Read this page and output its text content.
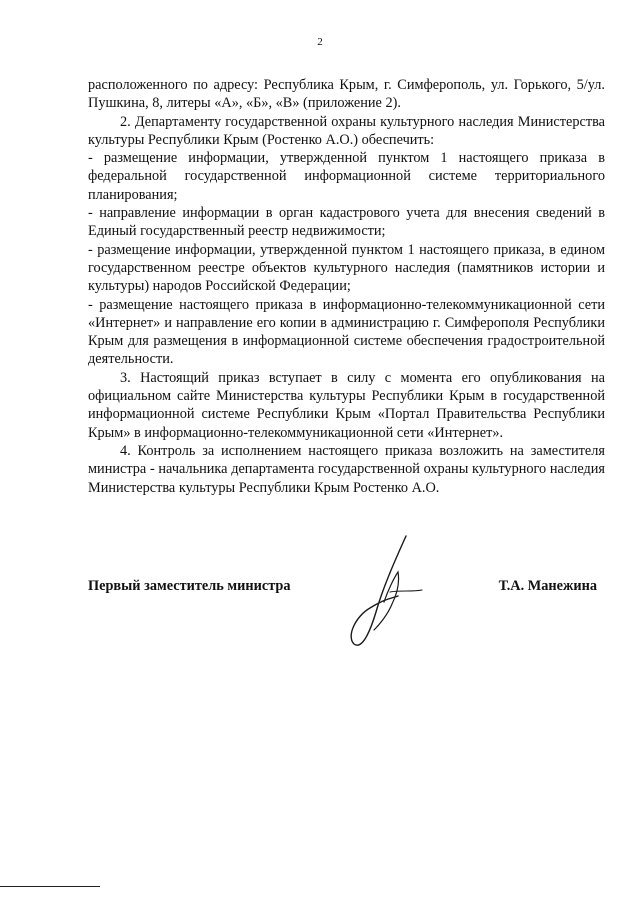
2

расположенного по адресу: Республика Крым, г. Симферополь, ул. Горького, 5/ул. Пушкина, 8, литеры «А», «Б», «В» (приложение 2).

2. Департаменту государственной охраны культурного наследия Министерства культуры Республики Крым (Ростенко А.О.) обеспечить:

- размещение информации, утвержденной пунктом 1 настоящего приказа в федеральной государственной информационной системе территориального планирования;

- направление информации в орган кадастрового учета для внесения сведений в Единый государственный реестр недвижимости;

- размещение информации, утвержденной пунктом 1 настоящего приказа, в едином государственном реестре объектов культурного наследия (памятников истории и культуры) народов Российской Федерации;

- размещение настоящего приказа в информационно-телекоммуникационной сети «Интернет» и направление его копии в администрацию г. Симферополя Республики Крым для размещения в информационной системе обеспечения градостроительной деятельности.

3. Настоящий приказ вступает в силу с момента его опубликования на официальном сайте Министерства культуры Республики Крым в государственной информационной системе Республики Крым «Портал Правительства Республики Крым» в информационно-телекоммуникационной сети «Интернет».

4. Контроль за исполнением настоящего приказа возложить на заместителя министра - начальника департамента государственной охраны культурного наследия Министерства культуры Республики Крым Ростенко А.О.

Первый заместитель министра	Т.А. Манежина
